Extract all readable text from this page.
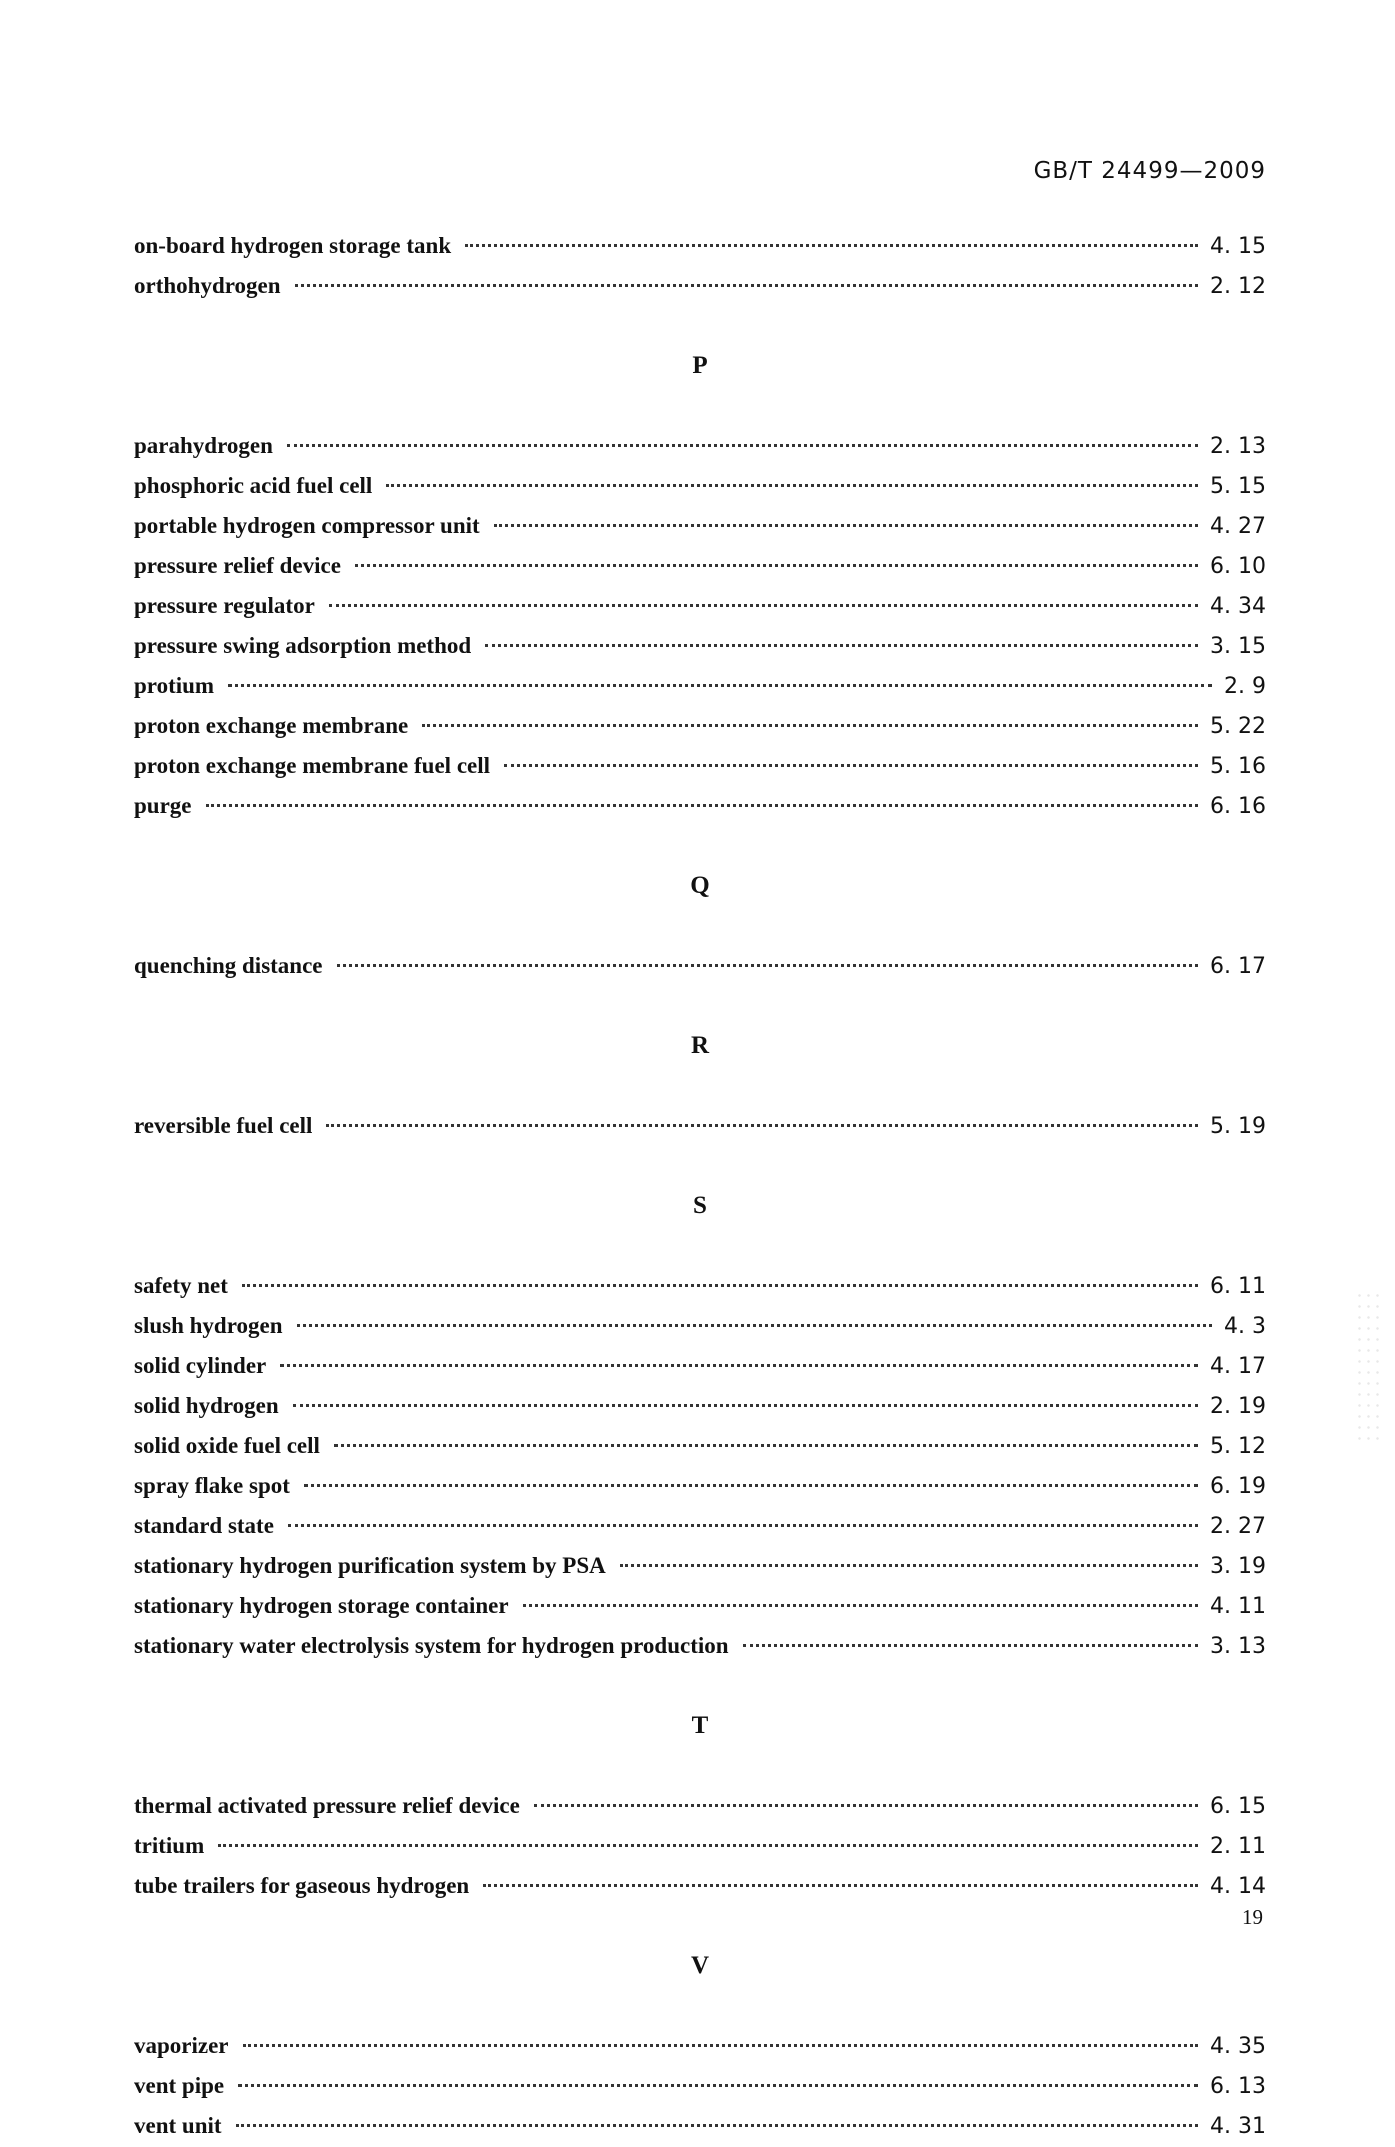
GB/T 24499—2009
on-board hydrogen storage tank	4. 15
orthohydrogen	2. 12
P
parahydrogen	2. 13
phosphoric acid fuel cell	5. 15
portable hydrogen compressor unit	4. 27
pressure relief device	6. 10
pressure regulator	4. 34
pressure swing adsorption method	3. 15
protium	2. 9
proton exchange membrane	5. 22
proton exchange membrane fuel cell	5. 16
purge	6. 16
Q
quenching distance	6. 17
R
reversible fuel cell	5. 19
S
safety net	6. 11
slush hydrogen	4. 3
solid cylinder	4. 17
solid hydrogen	2. 19
solid oxide fuel cell	5. 12
spray flake spot	6. 19
standard state	2. 27
stationary hydrogen purification system by PSA	3. 19
stationary hydrogen storage container	4. 11
stationary water electrolysis system for hydrogen production	3. 13
T
thermal activated pressure relief device	6. 15
tritium	2. 11
tube trailers for gaseous hydrogen	4. 14
V
vaporizer	4. 35
vent pipe	6. 13
vent unit	4. 31
19
